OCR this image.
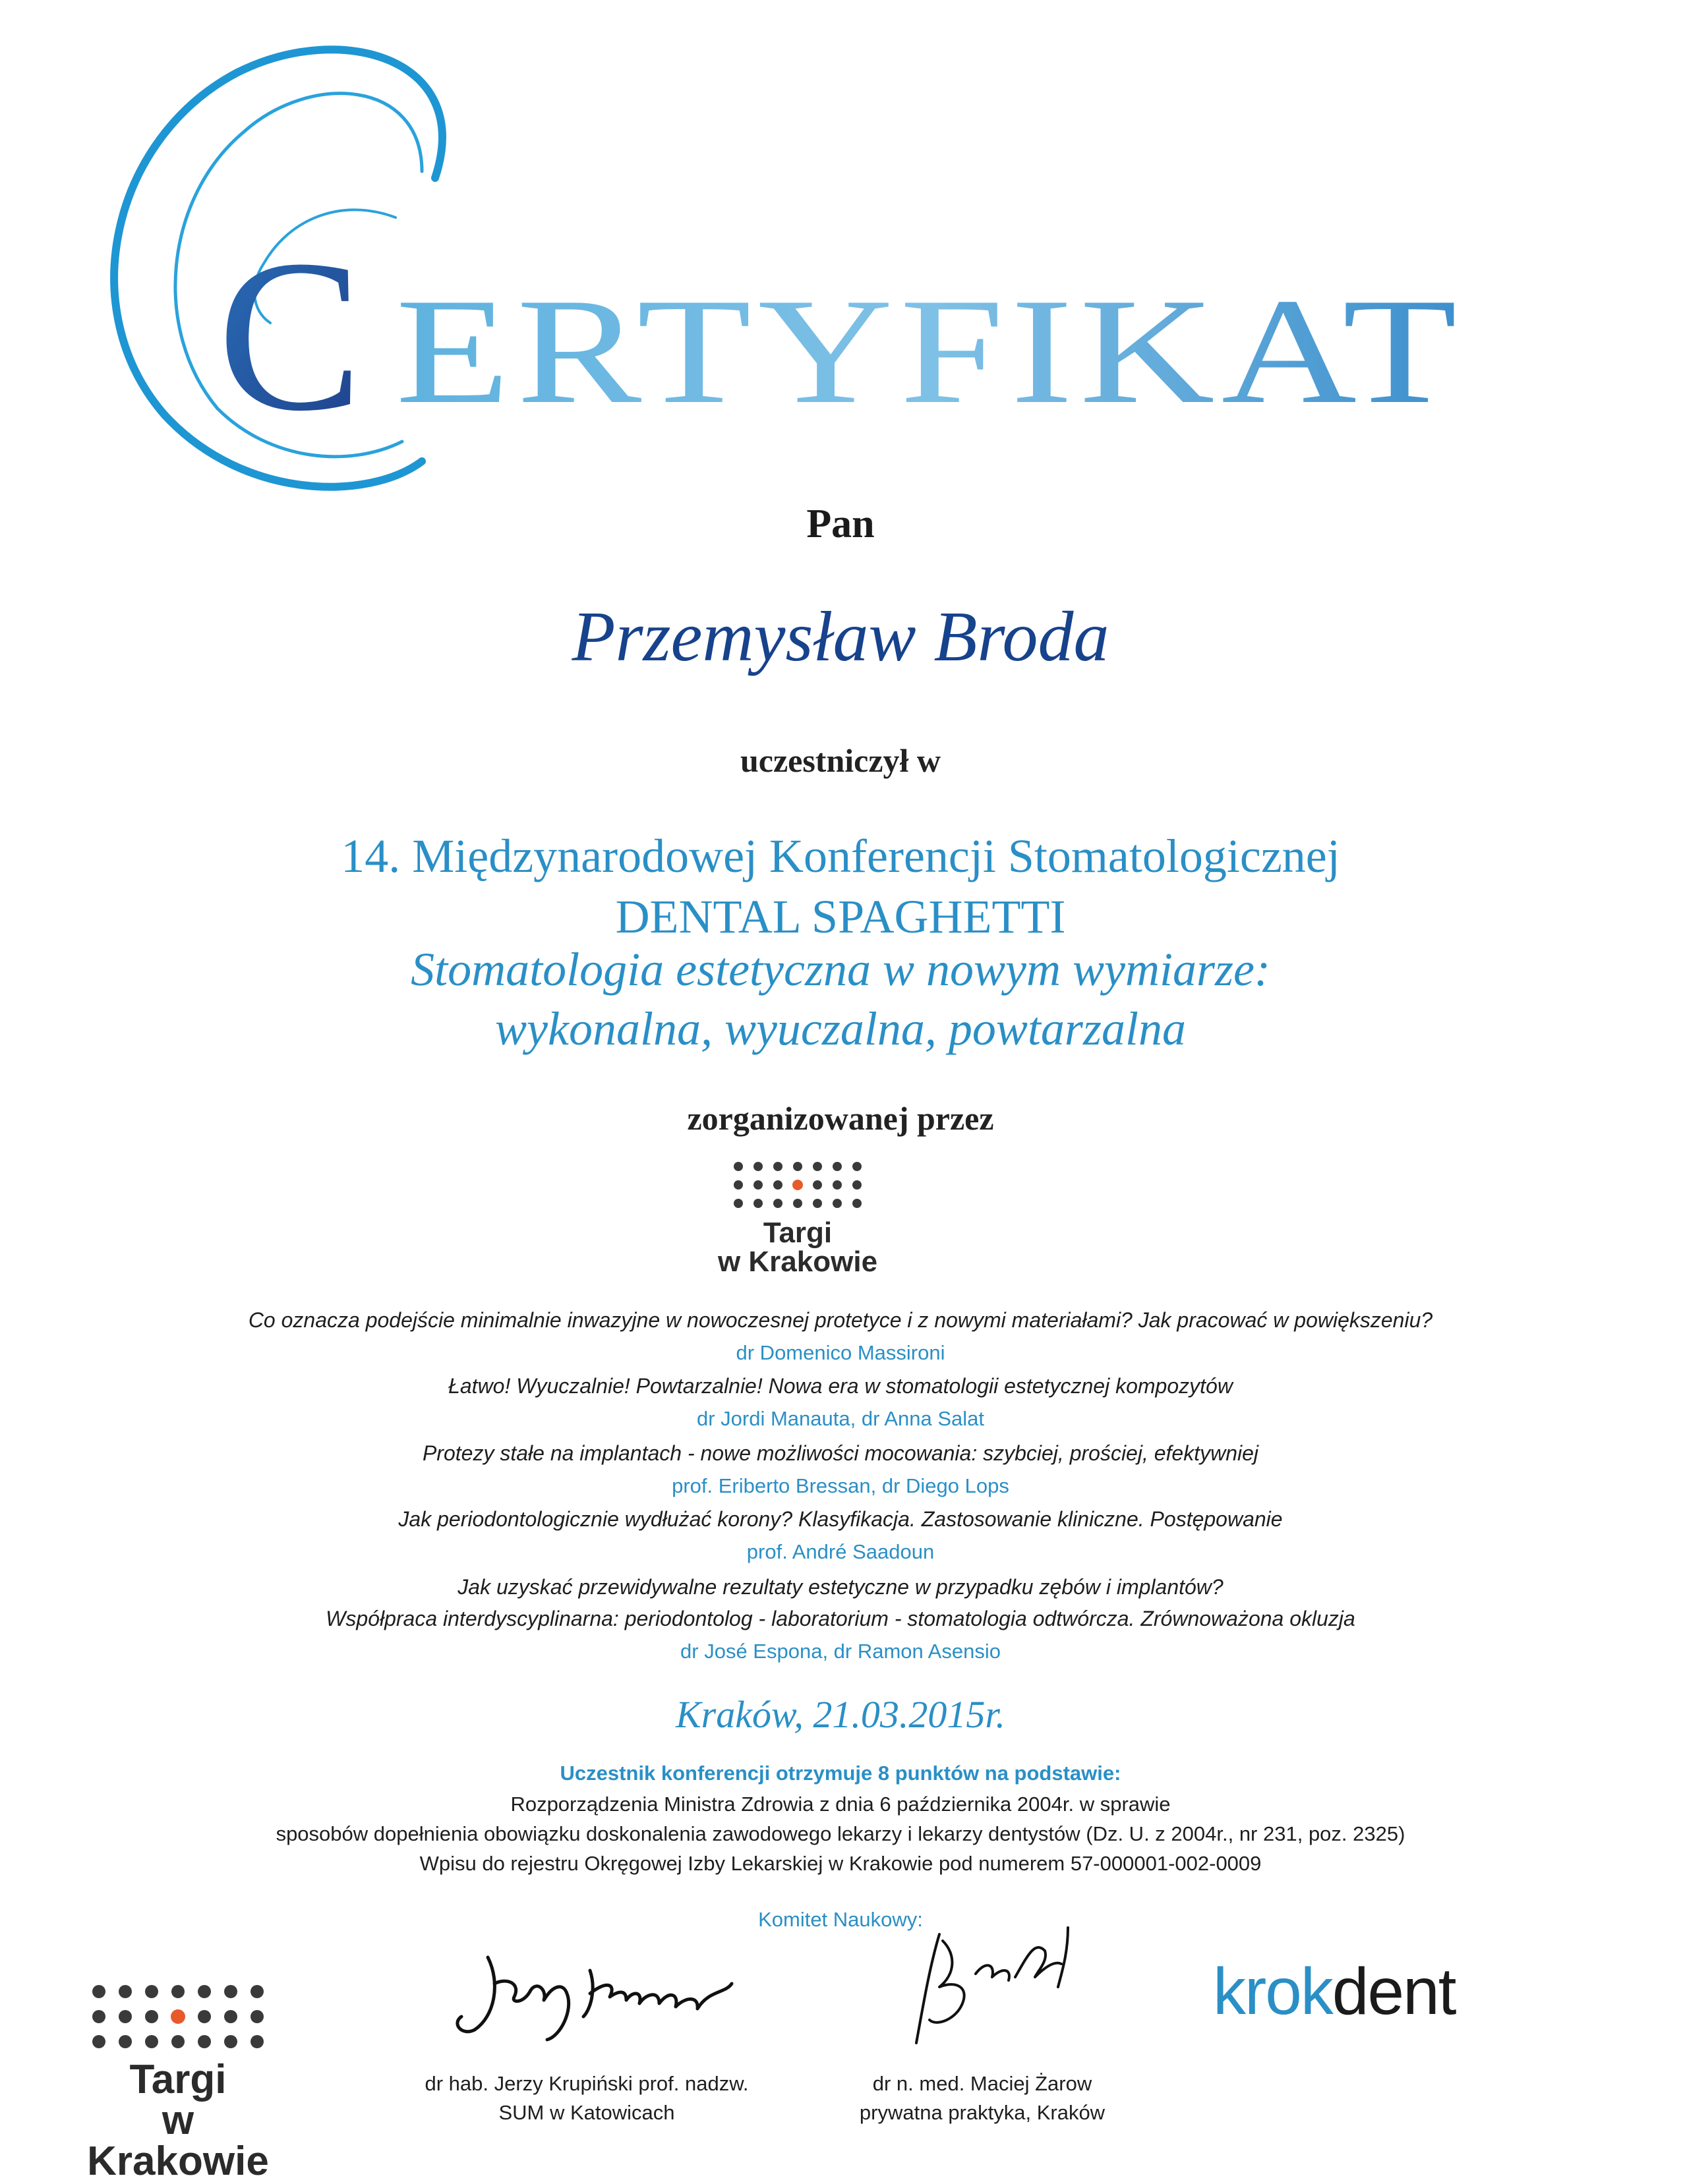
C ERTYFIKAT
Pan
Przemysław Broda
uczestniczył w
14. Międzynarodowej Konferencji Stomatologicznej
DENTAL SPAGHETTI
Stomatologia estetyczna w nowym wymiarze:
wykonalna, wyuczalna, powtarzalna
zorganizowanej przez
Targi
w Krakowie
Co oznacza podejście minimalnie inwazyjne w nowoczesnej protetyce i z nowymi materiałami? Jak pracować w powiększeniu?
dr Domenico Massironi
Łatwo! Wyuczalnie! Powtarzalnie! Nowa era w stomatologii estetycznej kompozytów
dr Jordi Manauta, dr Anna Salat
Protezy stałe na implantach - nowe możliwości mocowania: szybciej, prościej, efektywniej
prof. Eriberto Bressan, dr Diego Lops
Jak periodontologicznie wydłużać korony? Klasyfikacja. Zastosowanie kliniczne. Postępowanie
prof. André Saadoun
Jak uzyskać przewidywalne rezultaty estetyczne w przypadku zębów i implantów?
Współpraca interdyscyplinarna: periodontolog - laboratorium - stomatologia odtwórcza. Zrównoważona okluzja
dr José Espona, dr Ramon Asensio
Kraków, 21.03.2015r.
Uczestnik konferencji otrzymuje 8 punktów na podstawie:
Rozporządzenia Ministra Zdrowia z dnia 6 października 2004r. w sprawie
sposobów dopełnienia obowiązku doskonalenia zawodowego lekarzy i lekarzy dentystów (Dz. U. z 2004r., nr 231, poz. 2325)
Wpisu do rejestru Okręgowej Izby Lekarskiej w Krakowie pod numerem 57-000001-002-0009
Komitet Naukowy:
dr hab. Jerzy Krupiński prof. nadzw.
SUM w Katowicach
dr n. med. Maciej Żarow
prywatna praktyka, Kraków
Targi
w Krakowie
krokdent
